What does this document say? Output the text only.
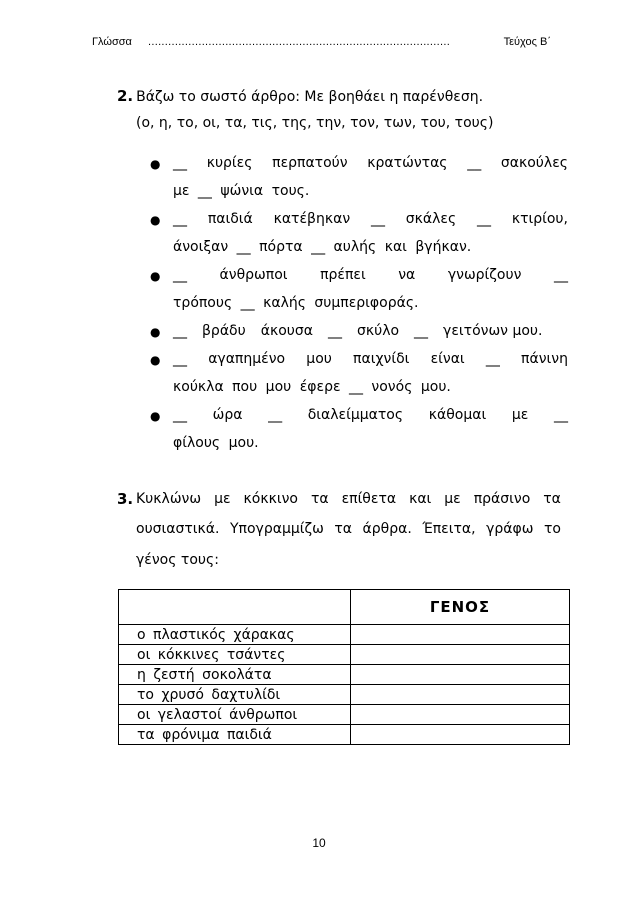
Γλώσσα ..........................................................................................	Τεύχος Β΄
2. Βάζω το σωστό άρθρο: Με βοηθάει η παρένθεση.
(ο, η, το, οι, τα, τις, της, την, τον, των, του, τους)
● __ κυρίες περπατούν κρατώντας __ σακούλες
με __ ψώνια τους.
● __ παιδιά κατέβηκαν __ σκάλες __ κτιρίου,
άνοιξαν __ πόρτα __ αυλής και βγήκαν.
● __ άνθρωποι πρέπει να γνωρίζουν __
τρόπους __ καλής συμπεριφοράς.
● __ βράδυ άκουσα __ σκύλο __ γειτόνων μου.
● __ αγαπημένο μου παιχνίδι είναι __ πάνινη
κούκλα που μου έφερε __ νονός μου.
● __ ώρα __ διαλείμματος κάθομαι με __
φίλους μου.
3. Κυκλώνω με κόκκινο τα επίθετα και με πράσινο τα
ουσιαστικά. Υπογραμμίζω τα άρθρα. Έπειτα, γράφω το
γένος τους:
	ΓΕΝΟΣ
ο πλαστικός χάρακας	
οι κόκκινες τσάντες	
η ζεστή σοκολάτα	
το χρυσό δαχτυλίδι	
οι γελαστοί άνθρωποι	
τα φρόνιμα παιδιά	
10
